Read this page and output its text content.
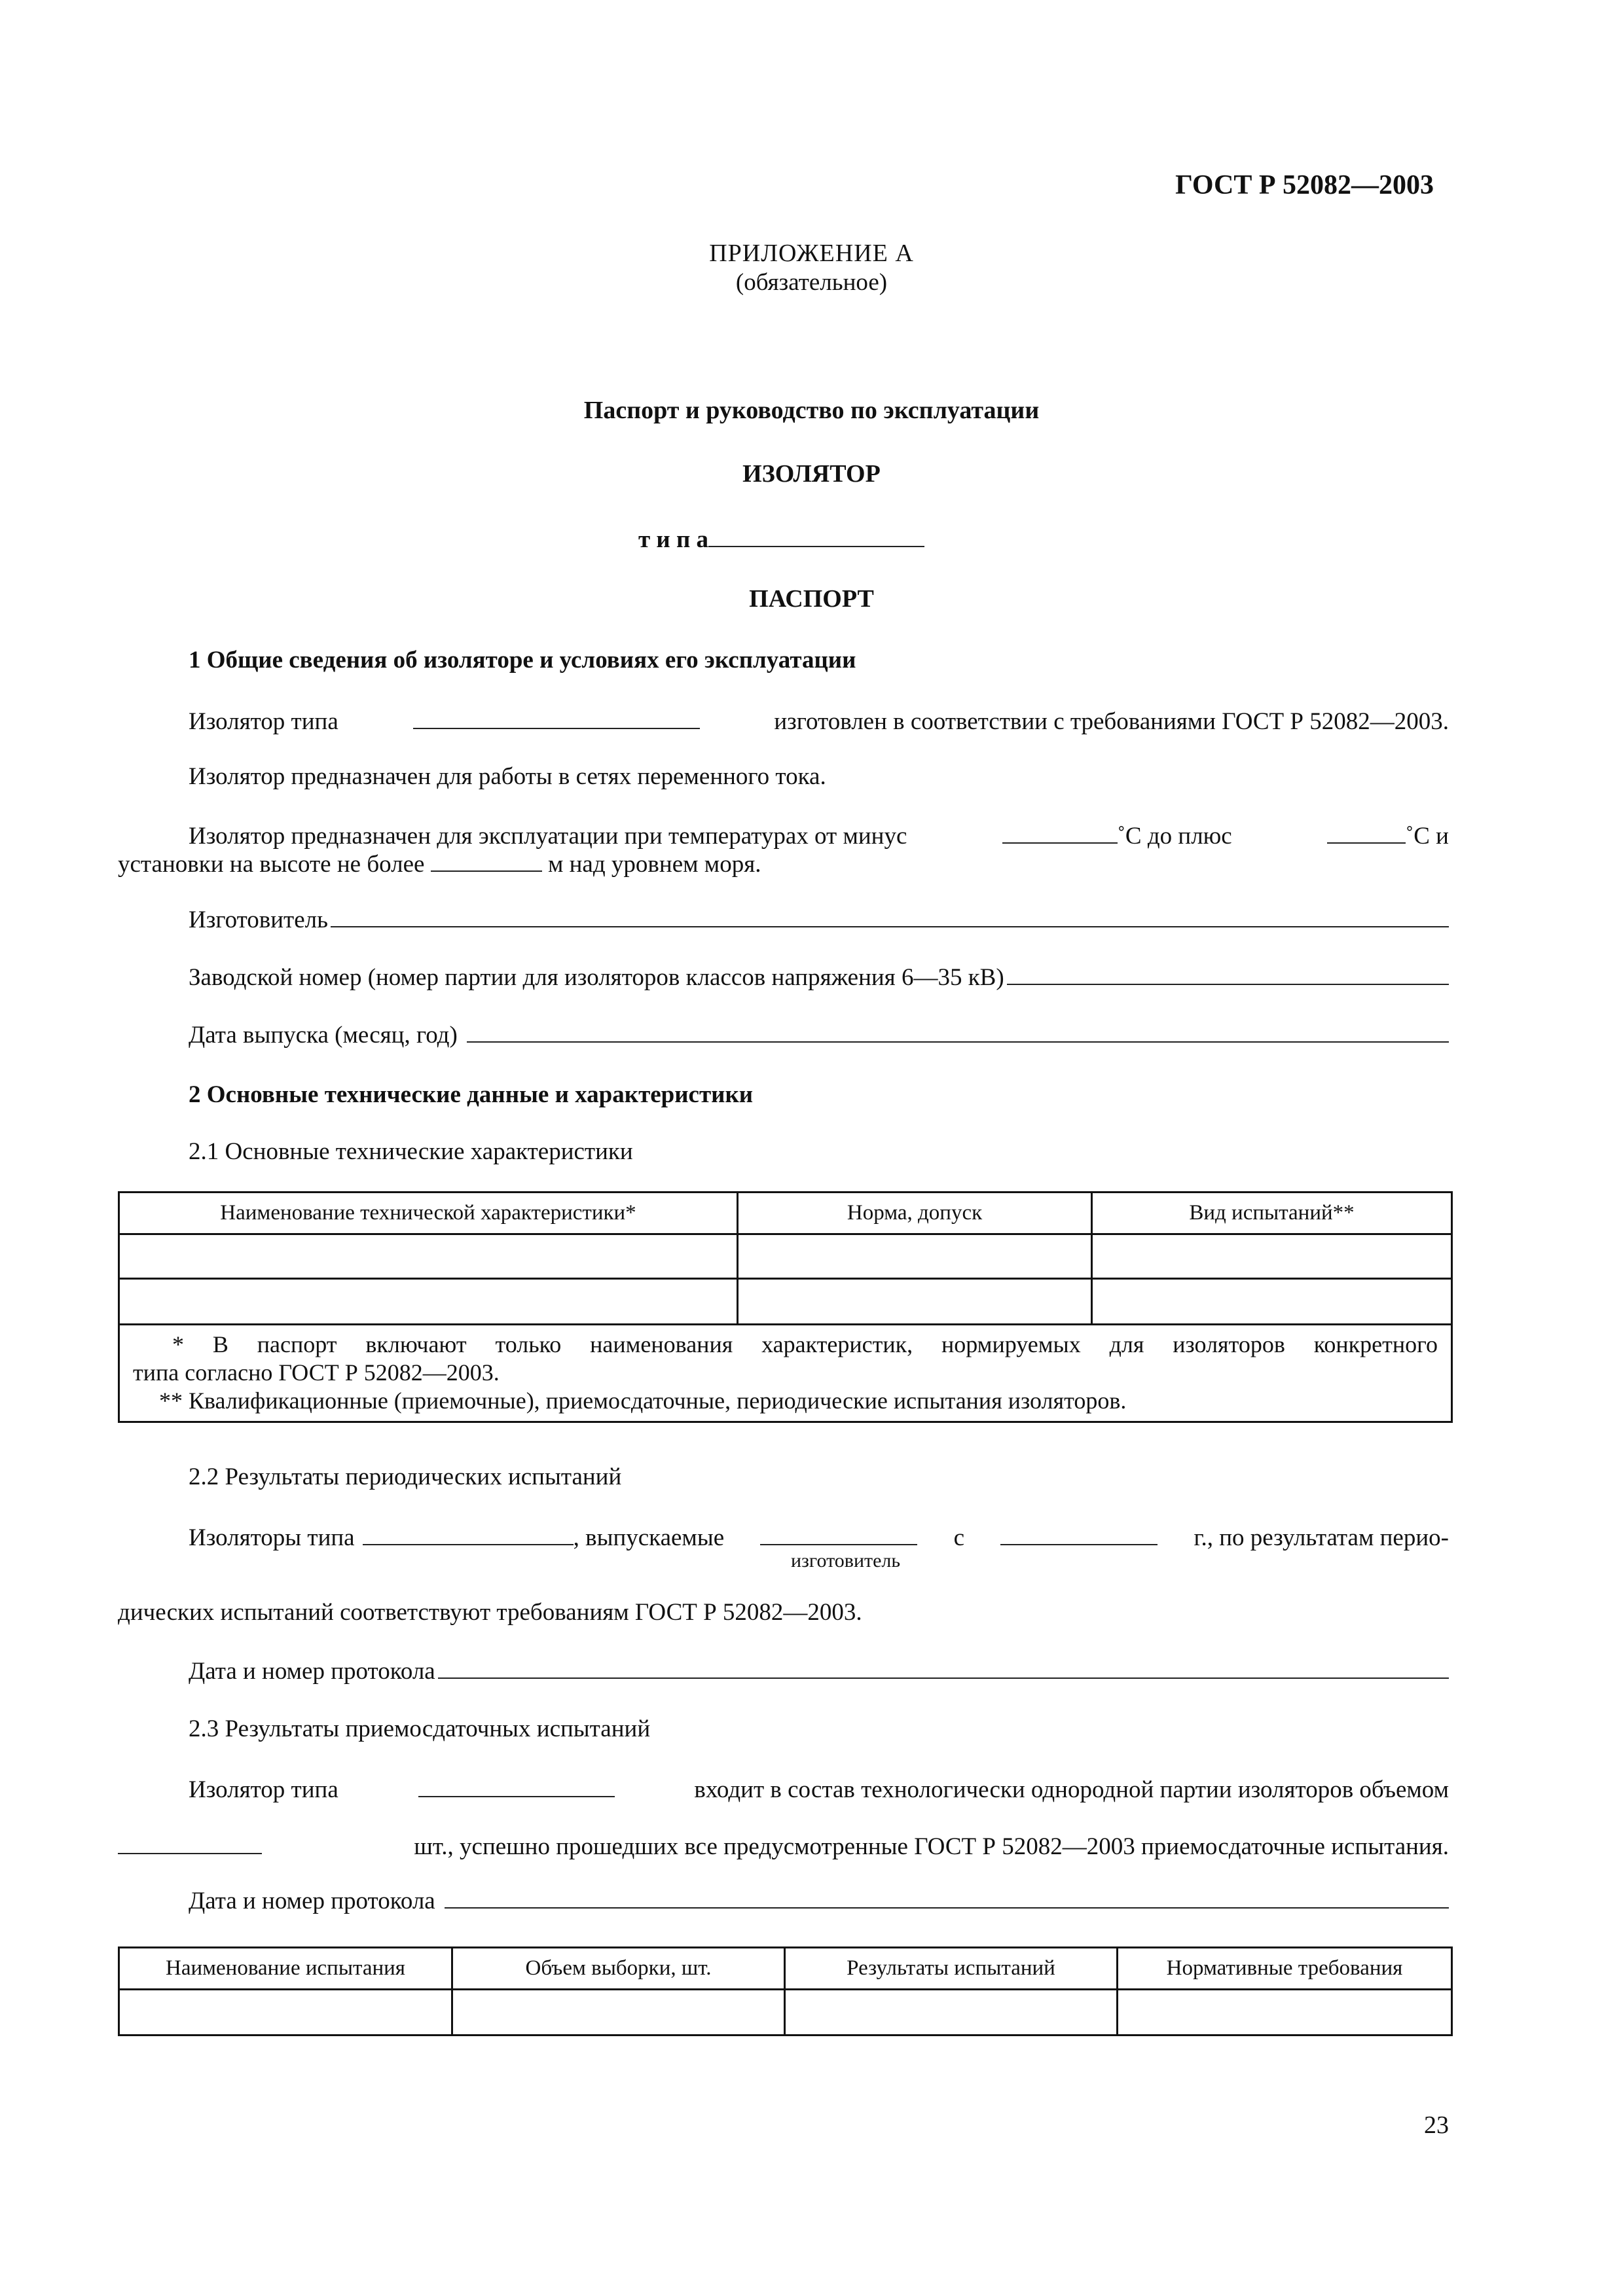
ГОСТ Р 52082—2003
ПРИЛОЖЕНИЕ А
(обязательное)
Паспорт и руководство по эксплуатации
ИЗОЛЯТОР
т и п а
ПАСПОРТ
1 Общие сведения об изоляторе и условиях его эксплуатации
Изолятор типа	изготовлен в соответствии с требованиями ГОСТ Р 52082—2003.
Изолятор предназначен для работы в сетях переменного тока.
Изолятор предназначен для эксплуатации при температурах от минус	˚С до плюс	˚С и
установки на высоте не более	м над уровнем моря.
Изготовитель
Заводской номер (номер партии для изоляторов классов напряжения 6—35 кВ)
Дата выпуска (месяц, год)
2 Основные технические данные и характеристики
2.1 Основные технические характеристики
Наименование технической характеристики*	Норма, допуск	Вид испытаний**

* В паспорт включают только наименования характеристик, нормируемых для изоляторов конкретного
типа согласно ГОСТ Р 52082—2003.
** Квалификационные (приемочные), приемосдаточные, периодические испытания изоляторов.		
2.2 Результаты периодических испытаний
Изоляторы типа	, выпускаемые	с	г., по результатам перио-
изготовитель
дических испытаний соответствуют требованиям ГОСТ Р 52082—2003.
Дата и номер протокола
2.3 Результаты приемосдаточных испытаний
Изолятор типа	входит в состав технологически однородной партии изоляторов объемом
шт., успешно прошедших все предусмотренные ГОСТ Р 52082—2003 приемосдаточные испытания.
Дата и номер протокола
Наименование испытания	Объем выборки, шт.	Результаты испытаний	Нормативные требования

23
